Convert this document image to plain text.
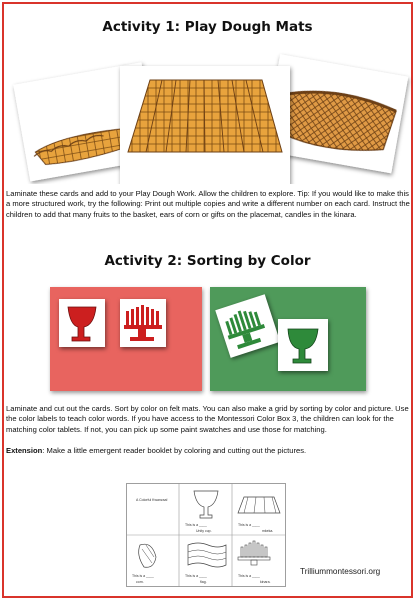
Activity 1: Play Dough Mats

Laminate these cards and add to your Play Dough Work. Allow the children to explore. Tip: If you would like to make this a more structured work, try the following: Print out multiple copies and write a different number on each card. Instruct the children to add that many fruits to the basket, ears of corn or gifts on the placemat, candles in the kinara.

Activity 2: Sorting by Color

Laminate and cut out the cards. Sort by color on felt mats. You can also make a grid by sorting by color and picture. Use the color labels to teach color words. If you have access to the Montessori Color Box 3, the children can look for the matching color tablets. If not, you can pick up some paint swatches and use those for matching.

Extension: Make a little emergent reader booklet by coloring and cutting out the pictures.

A Colorful Kwanzaa!
This is a ____
Unity cup.
This is a ____
mkeka.
This is a ____
corn.
This is a ____
flag.
This is a ____
kinara.
Trilliummontessori.org
